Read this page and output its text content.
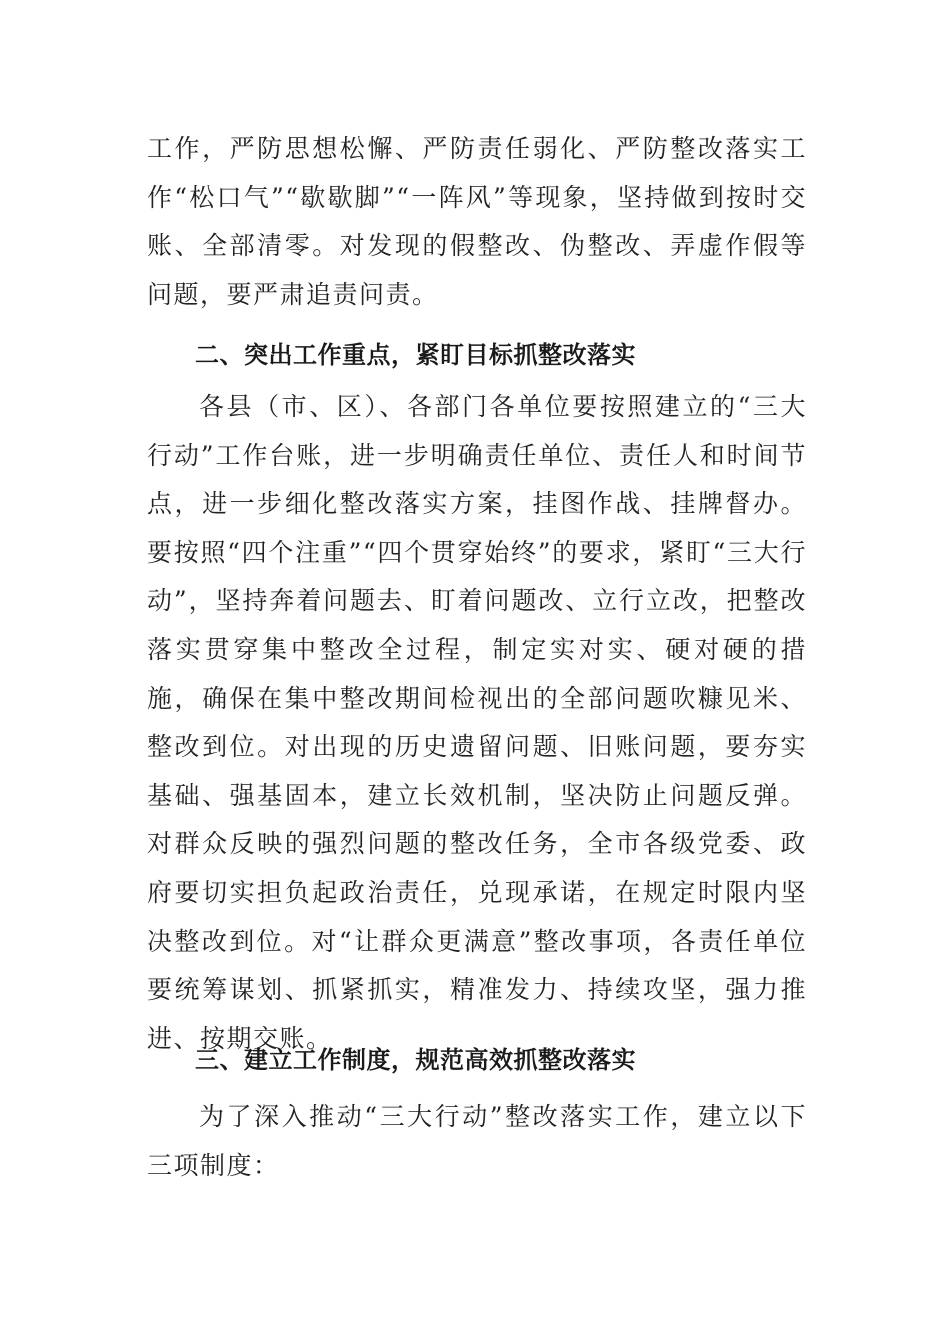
工作，严防思想松懈、严防责任弱化、严防整改落实工作“松口气”“歇歇脚”“一阵风”等现象，坚持做到按时交账、全部清零。对发现的假整改、伪整改、弄虚作假等问题，要严肃追责问责。

二、突出工作重点，紧盯目标抓整改落实

各县（市、区）、各部门各单位要按照建立的“三大行动”工作台账，进一步明确责任单位、责任人和时间节点，进一步细化整改落实方案，挂图作战、挂牌督办。要按照“四个注重”“四个贯穿始终”的要求，紧盯“三大行动”，坚持奔着问题去、盯着问题改、立行立改，把整改落实贯穿集中整改全过程，制定实对实、硬对硬的措施，确保在集中整改期间检视出的全部问题吹糠见米、整改到位。对出现的历史遗留问题、旧账问题，要夯实基础、强基固本，建立长效机制，坚决防止问题反弹。对群众反映的强烈问题的整改任务，全市各级党委、政府要切实担负起政治责任，兑现承诺，在规定时限内坚决整改到位。对“让群众更满意”整改事项，各责任单位要统筹谋划、抓紧抓实，精准发力、持续攻坚，强力推进、按期交账。

三、建立工作制度，规范高效抓整改落实

为了深入推动“三大行动”整改落实工作，建立以下三项制度：
